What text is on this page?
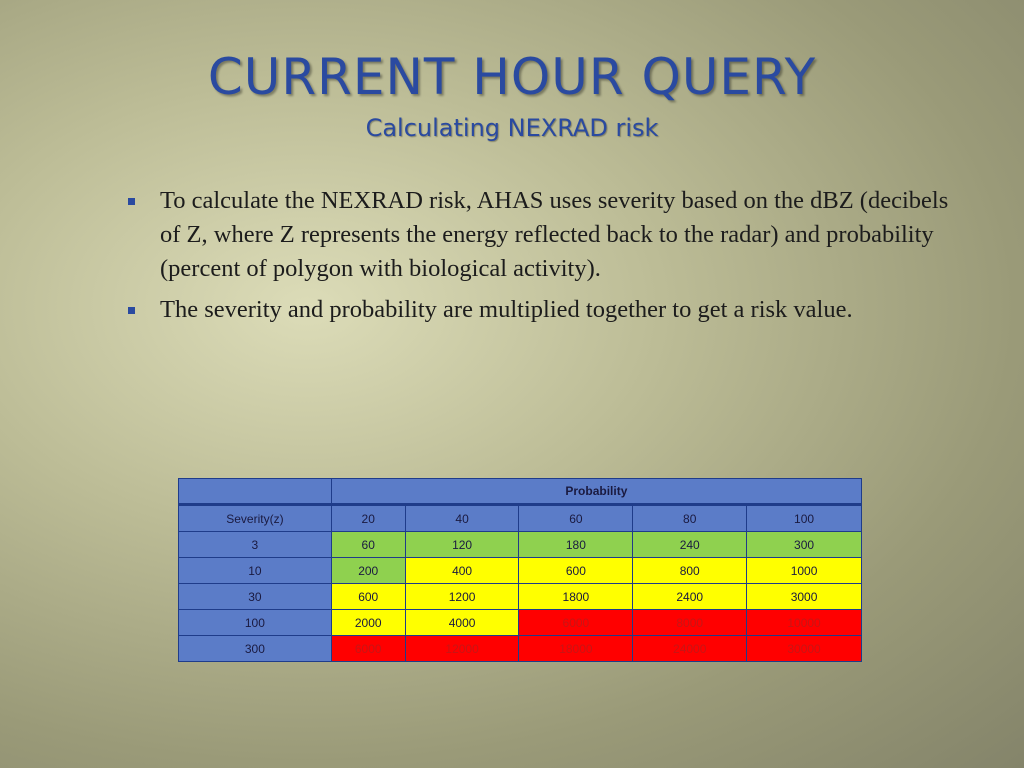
CURRENT HOUR QUERY
Calculating NEXRAD risk
To calculate the NEXRAD risk, AHAS uses severity based on the dBZ (decibels of Z, where Z represents the energy reflected back to the radar) and probability (percent of polygon with biological activity).
The severity and probability are multiplied together to get a risk value.
	Probability				
Severity(z)	20	40	60	80	100
3	60	120	180	240	300
10	200	400	600	800	1000
30	600	1200	1800	2400	3000
100	2000	4000	6000	8000	10000
300	6000	12000	18000	24000	30000
